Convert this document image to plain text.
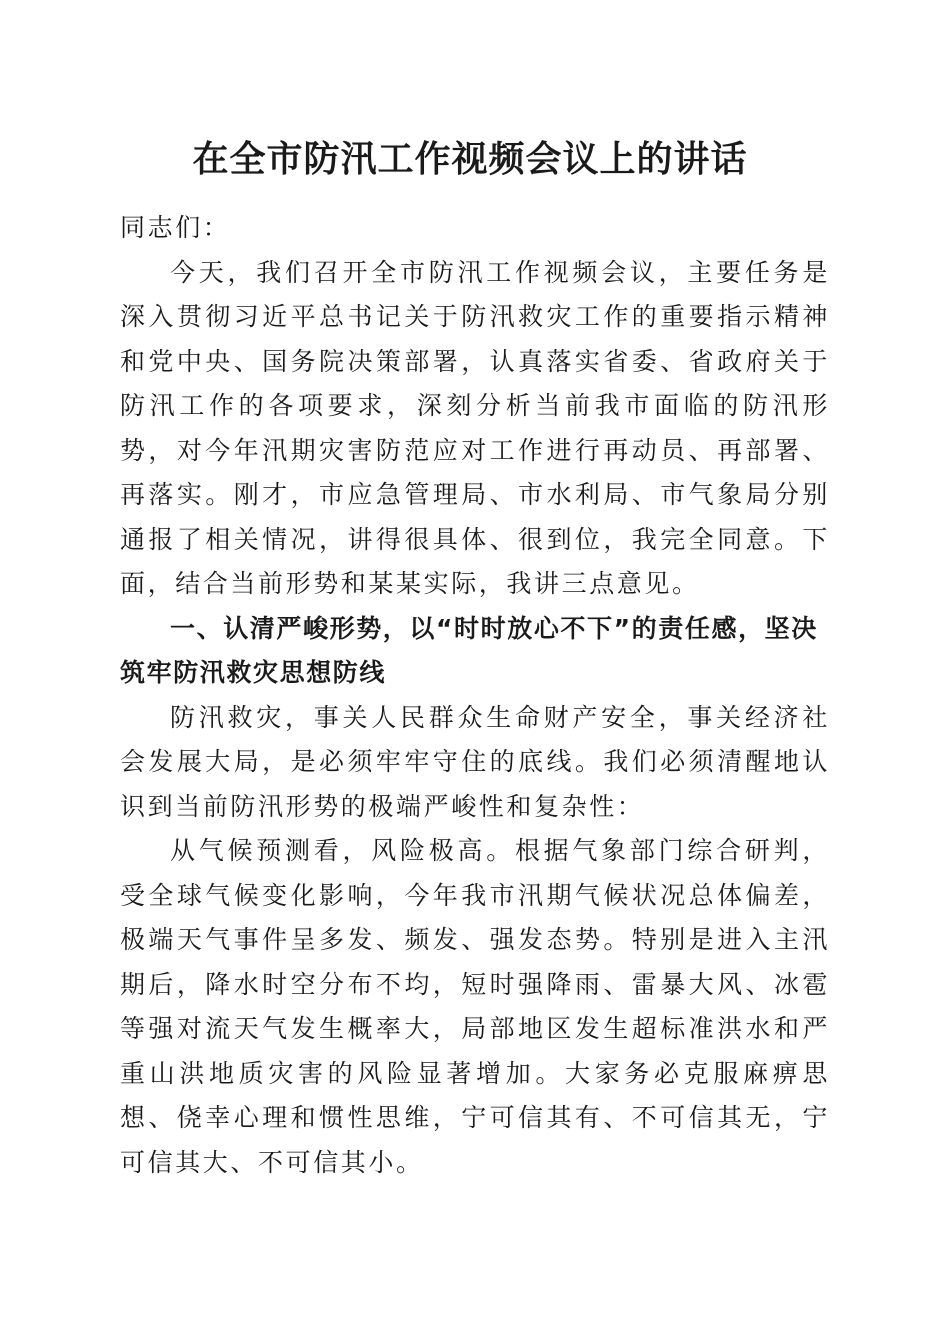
在全市防汛工作视频会议上的讲话

同志们：

今天，我们召开全市防汛工作视频会议，主要任务是深入贯彻习近平总书记关于防汛救灾工作的重要指示精神和党中央、国务院决策部署，认真落实省委、省政府关于防汛工作的各项要求，深刻分析当前我市面临的防汛形势，对今年汛期灾害防范应对工作进行再动员、再部署、再落实。刚才，市应急管理局、市水利局、市气象局分别通报了相关情况，讲得很具体、很到位，我完全同意。下面，结合当前形势和某某实际，我讲三点意见。

一、认清严峻形势，以“时时放心不下”的责任感，坚决筑牢防汛救灾思想防线

防汛救灾，事关人民群众生命财产安全，事关经济社会发展大局，是必须牢牢守住的底线。我们必须清醒地认识到当前防汛形势的极端严峻性和复杂性：

从气候预测看，风险极高。根据气象部门综合研判，受全球气候变化影响，今年我市汛期气候状况总体偏差，极端天气事件呈多发、频发、强发态势。特别是进入主汛期后，降水时空分布不均，短时强降雨、雷暴大风、冰雹等强对流天气发生概率大，局部地区发生超标准洪水和严重山洪地质灾害的风险显著增加。大家务必克服麻痹思想、侥幸心理和惯性思维，宁可信其有、不可信其无，宁可信其大、不可信其小。
